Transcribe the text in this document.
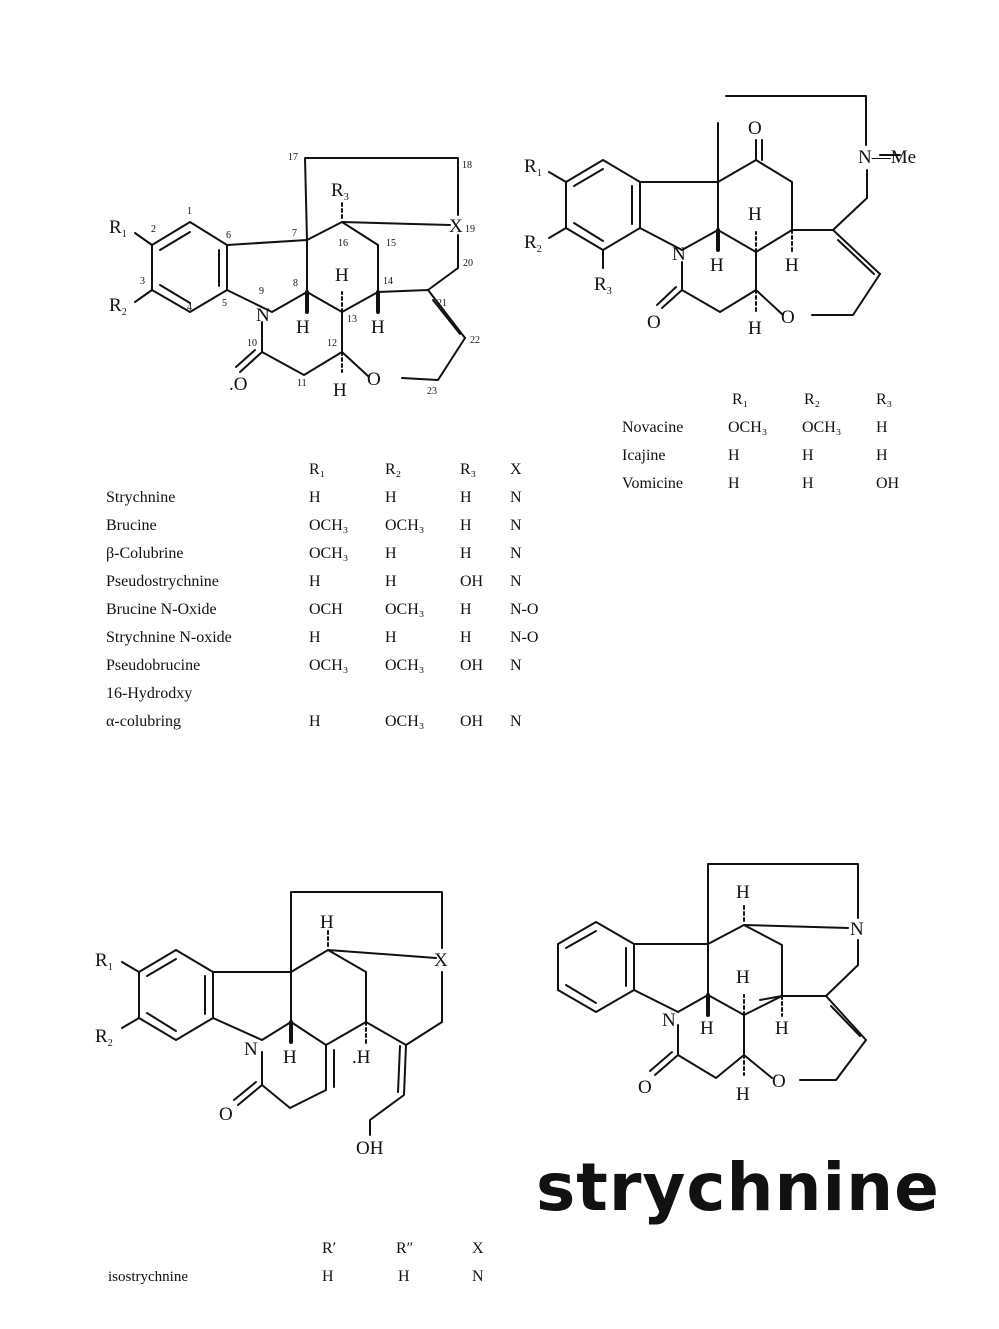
$R_1$
$R_2$
$R_3$
X
N
.O	O
H
H
H
H
1
2
3
4	5
6	7
8
9
10
11
12
13
14
15
16
17
18
19
20
21
22
23
O
N—Me
$R_1$
$R_2$
$R_3$
N
H
H	H
O	H
O
$R_1$
$R_2$
X
N
H
H	.H
O
OH
H
N
H
N H	H
O	H
O
R₁	R₂	R₃ X
Strychnine	H	H	H N
Brucine	OCH₃ OCH₃ H N
β-Colubrine	OCH₃ H	H N
Pseudostrychnine	H	H	OH N
Brucine N-Oxide	OCH	OCH₃ H N-O
Strychnine N-oxide	H	H	H N-O
Pseudobrucine	OCH₃ OCH₃ OH N
16-Hydrodxy
α-colubring	H	OCH₃ OH N
R₁	R₂	R₃
Novacine	OCH₃ OCH₃ H
Icajine	H	H	H
Vomicine	H	H	OH
R′	R″	X
isostrychnine	H	H	N
strychnine
